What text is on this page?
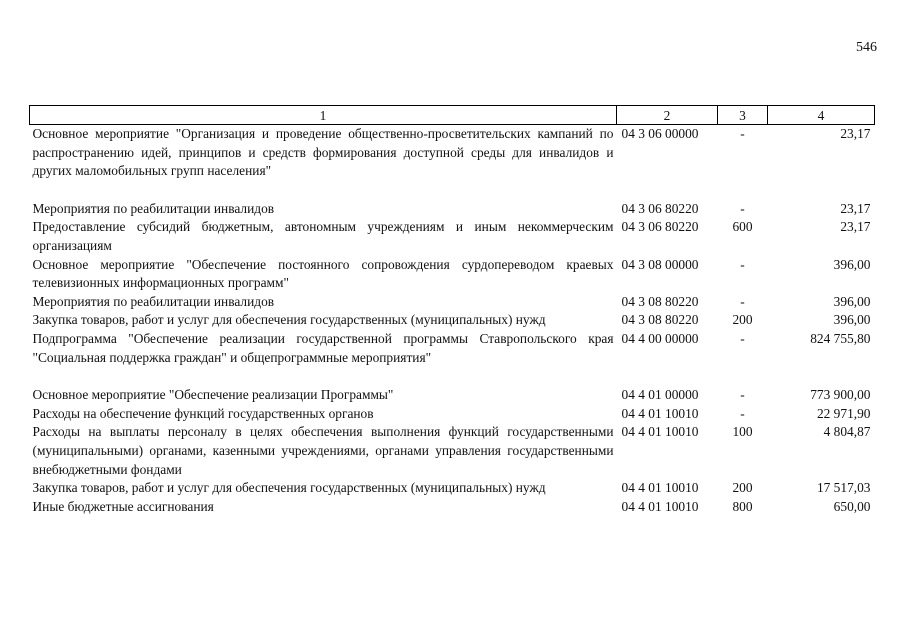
546
1	2	3	4
Основное мероприятие "Организация и проведение общественно-просветительских кампаний по распространению идей, принципов и средств формирования доступной среды для инвалидов и других маломобильных групп населения"	04 3 06 00000	-	23,17

Мероприятия по реабилитации инвалидов	04 3 06 80220	-	23,17
Предоставление субсидий бюджетным, автономным учреждениям и иным некоммерческим организациям	04 3 06 80220	600	23,17
Основное мероприятие "Обеспечение постоянного сопровождения сурдопереводом краевых телевизионных информационных программ"	04 3 08 00000	-	396,00
Мероприятия по реабилитации инвалидов	04 3 08 80220	-	396,00
Закупка товаров, работ и услуг для обеспечения государственных (муниципальных) нужд	04 3 08 80220	200	396,00
Подпрограмма "Обеспечение реализации государственной программы Ставропольского края "Социальная поддержка граждан" и общепрограммные мероприятия"	04 4 00 00000	-	824 755,80

Основное мероприятие "Обеспечение реализации Программы"	04 4 01 00000	-	773 900,00
Расходы на обеспечение функций государственных органов	04 4 01 10010	-	22 971,90
Расходы на выплаты персоналу в целях обеспечения выполнения функций государственными (муниципальными) органами, казенными учреждениями, органами управления государственными внебюджетными фондами	04 4 01 10010	100	4 804,87
Закупка товаров, работ и услуг для обеспечения государственных (муниципальных) нужд	04 4 01 10010	200	17 517,03
Иные бюджетные ассигнования	04 4 01 10010	800	650,00
